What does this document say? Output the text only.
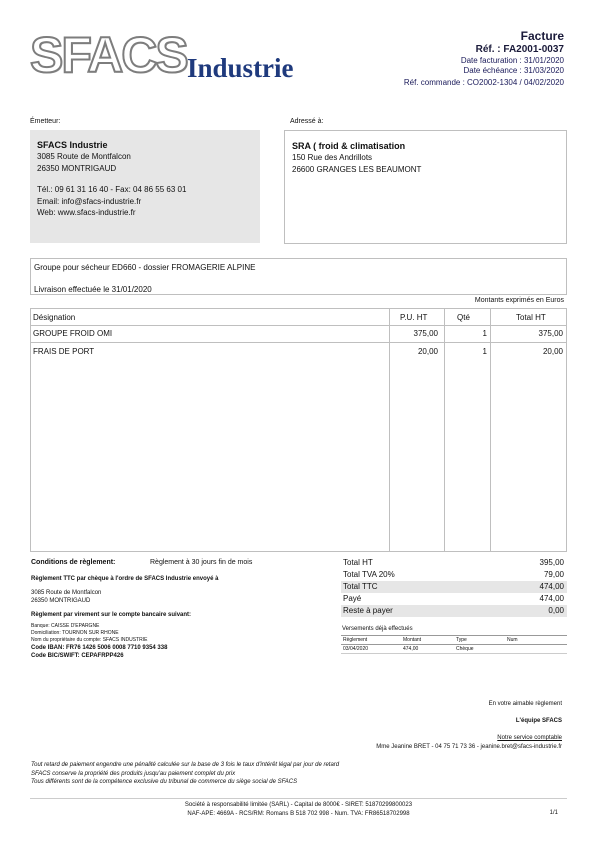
SFACS Industrie
Facture
Réf. : FA2001-0037
Date facturation : 31/01/2020
Date échéance : 31/03/2020
Réf. commande : CO2002-1304 / 04/02/2020
Émetteur:
SFACS Industrie
3085 Route de Montfalcon
26350 MONTRIGAUD
Tél.: 09 61 31 16 40 - Fax: 04 86 55 63 01
Email: info@sfacs-industrie.fr
Web: www.sfacs-industrie.fr
Adressé à:
SRA ( froid & climatisation
150 Rue des Andrillots
26600 GRANGES LES BEAUMONT
Groupe pour sécheur ED660 - dossier FROMAGERIE ALPINE
Livraison effectuée le 31/01/2020
Montants exprimés en Euros
Désignation	P.U. HT	Qté	Total HT
GROUPE FROID OMI	375,00	1	375,00
FRAIS DE PORT	20,00	1	20,00
Conditions de règlement:	Règlement à 30 jours fin de mois
Règlement TTC par chèque à l'ordre de SFACS Industrie envoyé à
3085 Route de Montfalcon
26350 MONTRIGAUD
Règlement par virement sur le compte bancaire suivant:
Banque: CAISSE D'EPARGNE
Domiciliation: TOURNON SUR RHONE
Nom du propriétaire du compte: SFACS INDUSTRIE
Code IBAN: FR76 1426 5006 0008 7710 9354 338
Code BIC/SWIFT: CEPAFRPP426
Total HT	395,00
Total TVA 20%	79,00
Total TTC	474,00
Payé	474,00
Reste à payer	0,00
Versements déjà effectués
Règlement	Montant	Type	Num
03/04/2020	474,00	Chèque
En votre aimable règlement
L'équipe SFACS
Notre service comptable
Mme Jeanine BRET - 04 75 71 73 36 - jeanine.bret@sfacs-industrie.fr
Tout retard de paiement engendre une pénalité calculée sur la base de 3 fois le taux d'intérêt légal par jour de retard
SFACS conserve la propriété des produits jusqu'au paiement complet du prix
Tous différents sont de la compétence exclusive du tribunal de commerce du siège social de SFACS
Société à responsabilité limitée (SARL) - Capital de 8000€ - SIRET: 51870299800023
NAF-APE: 4669A - RCS/RM: Romans B 518 702 998 - Num. TVA: FR86518702998	1/1
